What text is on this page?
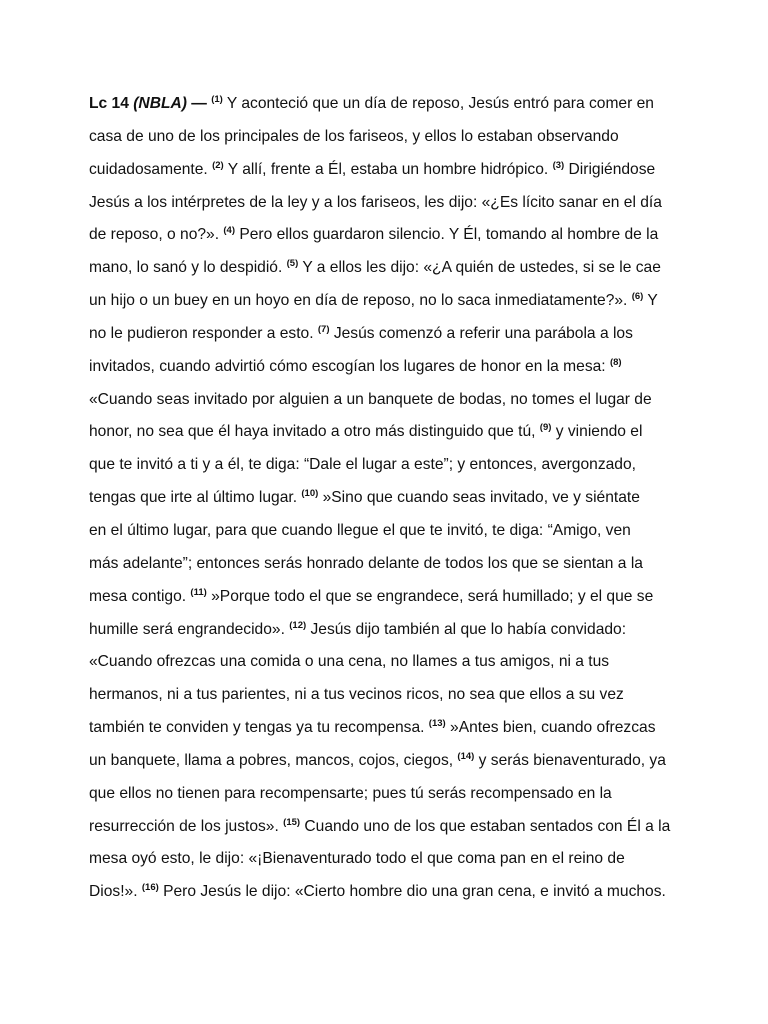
Lc 14 (NBLA) — $^{(1)}$ Y aconteció que un día de reposo, Jesús entró para comer en
casa de uno de los principales de los fariseos, y ellos lo estaban observando
cuidadosamente. $^{(2)}$ Y allí, frente a Él, estaba un hombre hidrópico. $^{(3)}$ Dirigiéndose
Jesús a los intérpretes de la ley y a los fariseos, les dijo: «¿Es lícito sanar en el día
de reposo, o no?». $^{(4)}$ Pero ellos guardaron silencio. Y Él, tomando al hombre de la
mano, lo sanó y lo despidió. $^{(5)}$ Y a ellos les dijo: «¿A quién de ustedes, si se le cae
un hijo o un buey en un hoyo en día de reposo, no lo saca inmediatamente?». $^{(6)}$ Y
no le pudieron responder a esto. $^{(7)}$ Jesús comenzó a referir una parábola a los
invitados, cuando advirtió cómo escogían los lugares de honor en la mesa: $^{(8)}$
«Cuando seas invitado por alguien a un banquete de bodas, no tomes el lugar de
honor, no sea que él haya invitado a otro más distinguido que tú, $^{(9)}$ y viniendo el
que te invitó a ti y a él, te diga: “Dale el lugar a este”; y entonces, avergonzado,
tengas que irte al último lugar. $^{(10)}$ »Sino que cuando seas invitado, ve y siéntate
en el último lugar, para que cuando llegue el que te invitó, te diga: “Amigo, ven
más adelante”; entonces serás honrado delante de todos los que se sientan a la
mesa contigo. $^{(11)}$ »Porque todo el que se engrandece, será humillado; y el que se
humille será engrandecido». $^{(12)}$ Jesús dijo también al que lo había convidado:
«Cuando ofrezcas una comida o una cena, no llames a tus amigos, ni a tus
hermanos, ni a tus parientes, ni a tus vecinos ricos, no sea que ellos a su vez
también te conviden y tengas ya tu recompensa. $^{(13)}$ »Antes bien, cuando ofrezcas
un banquete, llama a pobres, mancos, cojos, ciegos, $^{(14)}$ y serás bienaventurado, ya
que ellos no tienen para recompensarte; pues tú serás recompensado en la
resurrección de los justos». $^{(15)}$ Cuando uno de los que estaban sentados con Él a la
mesa oyó esto, le dijo: «¡Bienaventurado todo el que coma pan en el reino de
Dios!». $^{(16)}$ Pero Jesús le dijo: «Cierto hombre dio una gran cena, e invitó a muchos.
